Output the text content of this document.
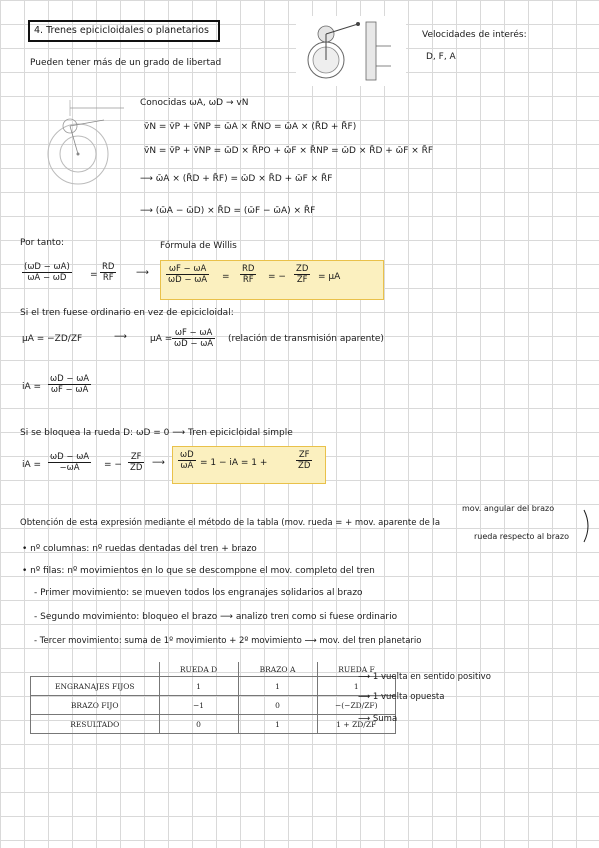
4. Trenes epicicloidales o planetarios
Pueden tener más de un grado de libertad
Velocidades de interés:
D, F, A
Conocidas ωA, ωD → vN
v̄N = v̄P + v̄NP = ω̄A × R̄NO = ω̄A × (R̄D + R̄F)
v̄N = v̄P + v̄NP = ω̄D × R̄PO + ω̄F × R̄NP = ω̄D × R̄D + ω̄F × R̄F
⟶ ω̄A × (R̄D + R̄F) = ω̄D × R̄D + ω̄F × R̄F
⟶ (ω̄A − ω̄D) × R̄D = (ω̄F − ω̄A) × R̄F
Por tanto:	Fórmula de Willis
$\frac{(\omega D - \omega A)}{\omega A - \omega D} = \frac{RD}{RF}$ ⟶ $\frac{\omega F - \omega A}{\omega D - \omega A} = \frac{RD}{RF}$ = − $\frac{ZD}{ZF} = \mu A$
Si el tren fuese ordinario en vez de epicicloidal:
μA = −ZD/ZF	⟶	$\mu A = \frac{\omega F - \omega A}{\omega D - \omega A}$ (relación de transmisión aparente)
iA = $\frac{\omega D - \omega A}{\omega F - \omega A}$
Si se bloquea la rueda D: ωD = 0 ⟶ Tren epicicloidal simple
iA = $\frac{\omega D - \omega A}{-\omega A}$ = − $\frac{ZF}{ZD}$ ⟶ $\frac{\omega D}{\omega A} = 1$ − iA = 1 +	$\frac{ZF}{ZD}$
mov. angular del brazo
Obtención de esta expresión mediante el método de la tabla (mov. rueda = + mov. aparente de la
rueda respecto al brazo
• nº columnas: nº ruedas dentadas del tren + brazo
• nº filas: nº movimientos en lo que se descompone el mov. completo del tren
- Primer movimiento: se mueven todos los engranajes solidarios al brazo
- Segundo movimiento: bloqueo el brazo ⟶ analizo tren como si fuese ordinario
- Tercer movimiento: suma de 1º movimiento + 2º movimiento ⟶ mov. del tren planetario
	RUEDA D	BRAZO A	RUEDA F
ENGRANAJES FIJOS	1	1	1
BRAZO FIJO	−1	0	−(−ZD/ZF)
RESULTADO	0	1	1 + ZD/ZF
⟶ 1 vuelta en sentido positivo
⟶ 1 vuelta opuesta
⟶ Suma
